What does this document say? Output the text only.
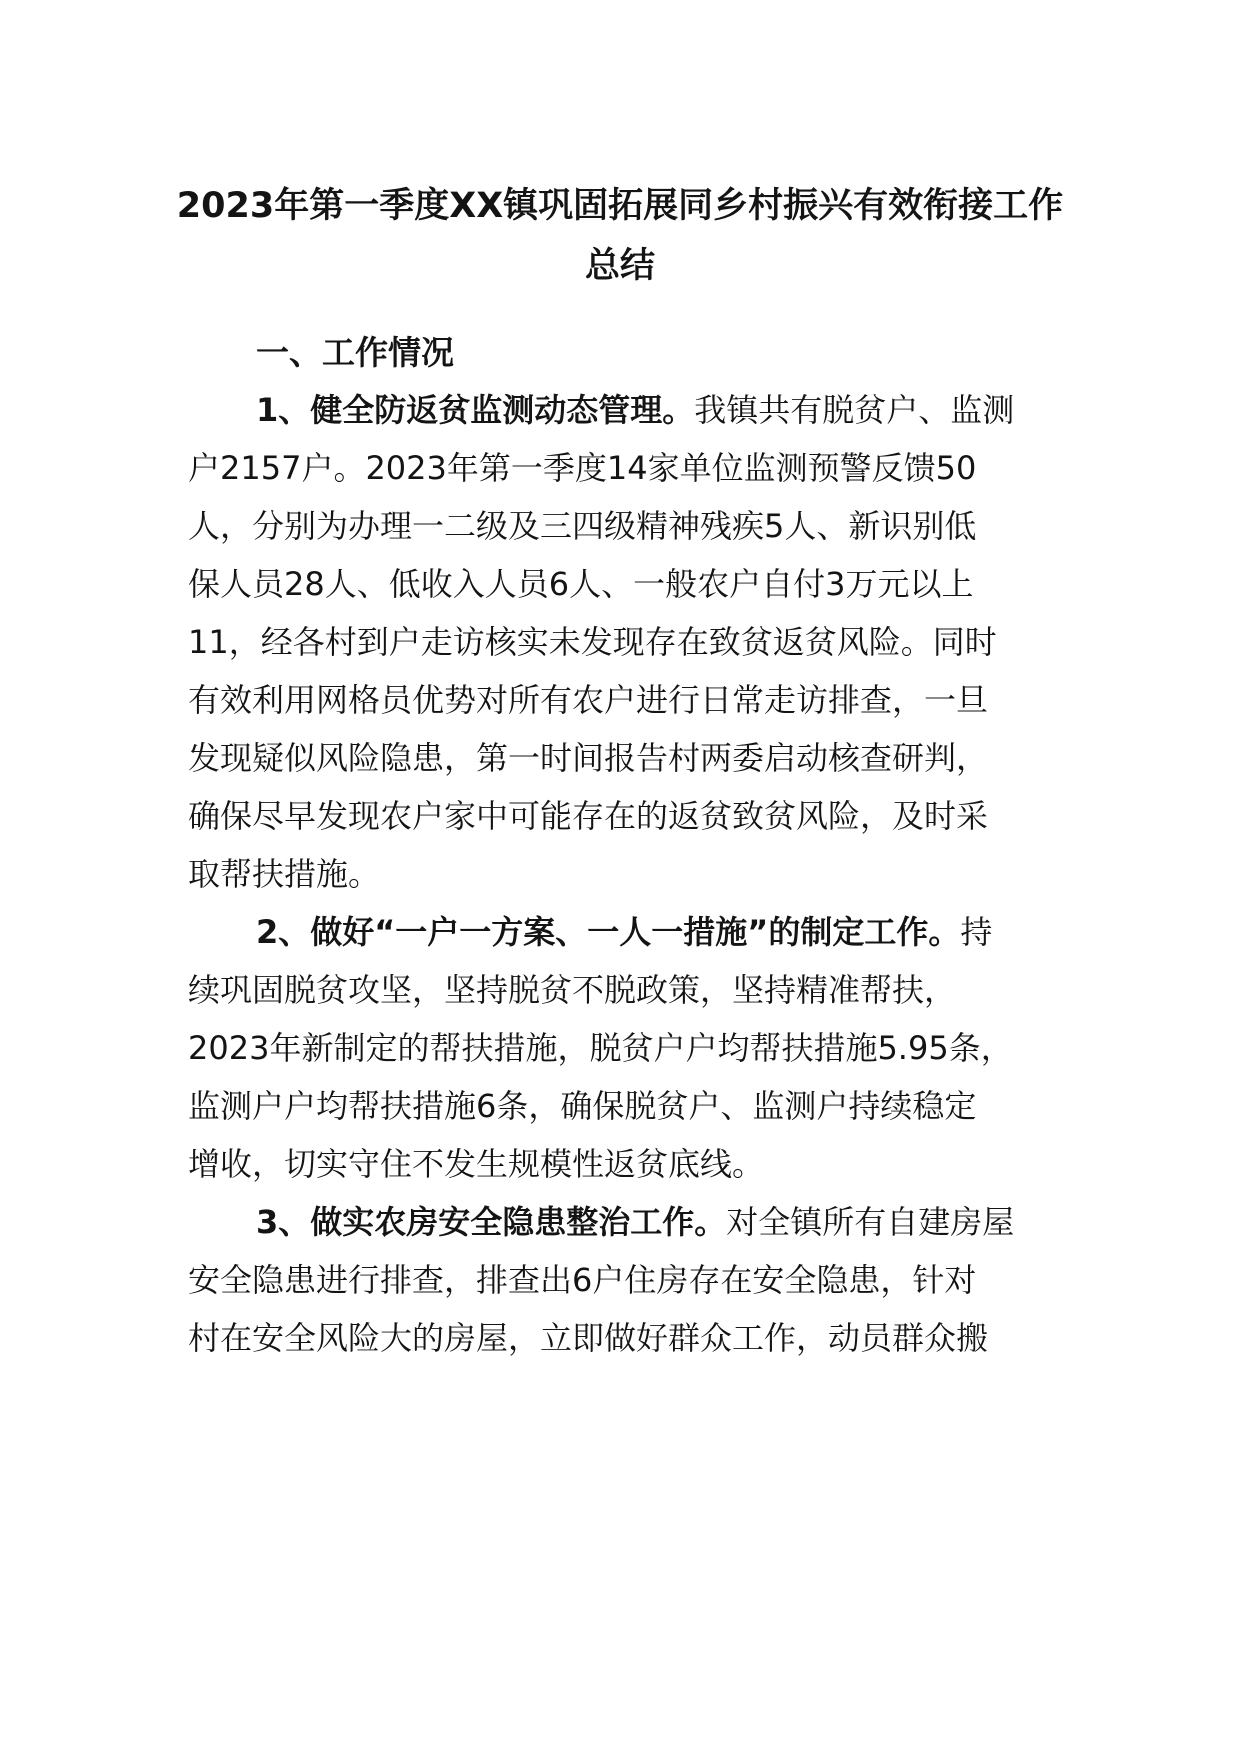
2023年第一季度XX镇巩固拓展同乡村振兴有效衔接工作
总结
一、工作情况
1、健全防返贫监测动态管理。我镇共有脱贫户、监测
户2157户。2023年第一季度14家单位监测预警反馈50
人，分别为办理一二级及三四级精神残疾5人、新识别低
保人员28人、低收入人员6人、一般农户自付3万元以上
11，经各村到户走访核实未发现存在致贫返贫风险。同时
有效利用网格员优势对所有农户进行日常走访排查，一旦
发现疑似风险隐患，第一时间报告村两委启动核查研判，
确保尽早发现农户家中可能存在的返贫致贫风险，及时采
取帮扶措施。
2、做好“一户一方案、一人一措施”的制定工作。持
续巩固脱贫攻坚，坚持脱贫不脱政策，坚持精准帮扶，
2023年新制定的帮扶措施，脱贫户户均帮扶措施5.95条，
监测户户均帮扶措施6条，确保脱贫户、监测户持续稳定
增收，切实守住不发生规模性返贫底线。
3、做实农房安全隐患整治工作。对全镇所有自建房屋
安全隐患进行排查，排查出6户住房存在安全隐患，针对
村在安全风险大的房屋，立即做好群众工作，动员群众搬
